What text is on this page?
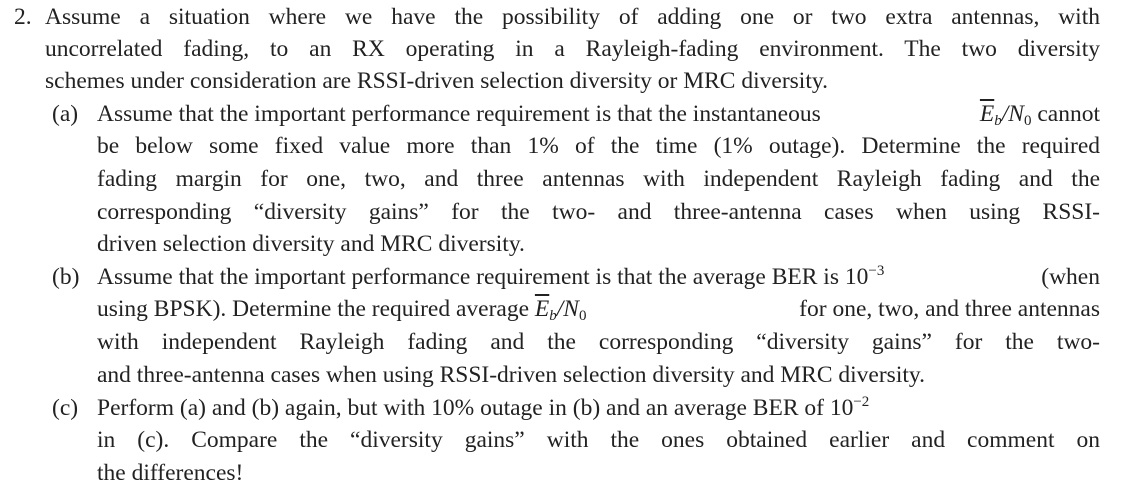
2. Assume a situation where we have the possibility of adding one or two extra antennas, with
uncorrelated fading, to an RX operating in a Rayleigh-fading environment. The two diversity
schemes under consideration are RSSI-driven selection diversity or MRC diversity.
(a) Assume that the important performance requirement is that the instantaneous	$\overline{E}_b/N_0$ cannot
be below some fixed value more than 1% of the time (1% outage). Determine the required
fading margin for one, two, and three antennas with independent Rayleigh fading and the
corresponding “diversity gains” for the two- and three-antenna cases when using RSSI-
driven selection diversity and MRC diversity.
(b) Assume that the important performance requirement is that the average BER is $10^{-3}$	(when
using BPSK). Determine the required average $\overline{E}_b/N_0$	for one, two, and three antennas
with independent Rayleigh fading and the corresponding “diversity gains” for the two-
and three-antenna cases when using RSSI-driven selection diversity and MRC diversity.
(c) Perform (a) and (b) again, but with 10% outage in (b) and an average BER of $10^{-2}$
in (c). Compare the “diversity gains” with the ones obtained earlier and comment on
the differences!
